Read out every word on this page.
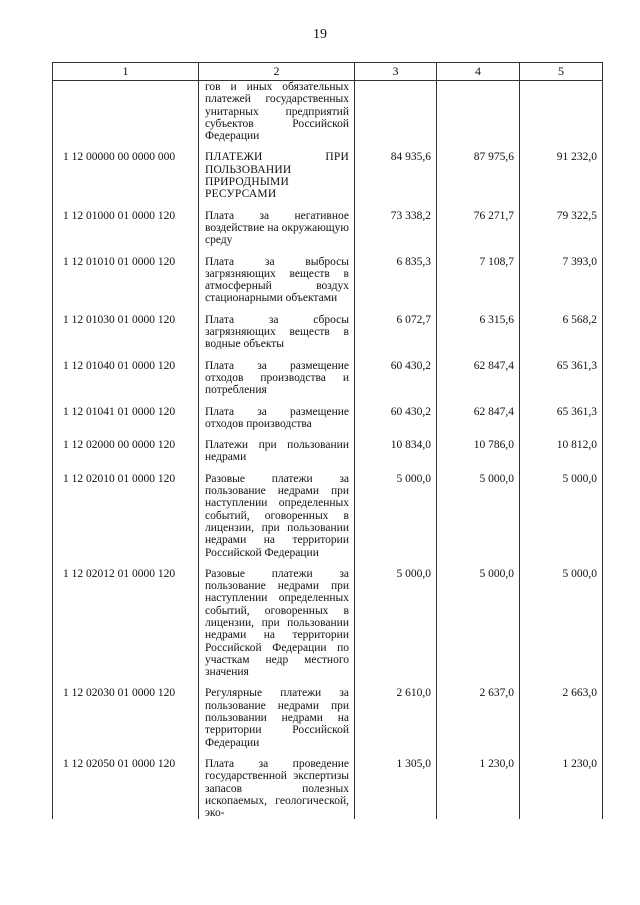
19
1	2	3	4	5
	гов и иных обязательных платежей государственных унитарных предприятий субъектов Российской Федерации			
1 12 00000 00 0000 000	ПЛАТЕЖИ ПРИ ПОЛЬЗОВАНИИ ПРИРОДНЫМИ РЕСУРСАМИ	84 935,6	87 975,6	91 232,0
1 12 01000 01 0000 120	Плата за негативное воздействие на окружающую среду	73 338,2	76 271,7	79 322,5
1 12 01010 01 0000 120	Плата за выбросы загрязняющих веществ в атмосферный воздух стационарными объектами	6 835,3	7 108,7	7 393,0
1 12 01030 01 0000 120	Плата за сбросы загрязняющих веществ в водные объекты	6 072,7	6 315,6	6 568,2
1 12 01040 01 0000 120	Плата за размещение отходов производства и потребления	60 430,2	62 847,4	65 361,3
1 12 01041 01 0000 120	Плата за размещение отходов производства	60 430,2	62 847,4	65 361,3
1 12 02000 00 0000 120	Платежи при пользовании недрами	10 834,0	10 786,0	10 812,0
1 12 02010 01 0000 120	Разовые платежи за пользование недрами при наступлении определенных событий, оговоренных в лицензии, при пользовании недрами на территории Российской Федерации	5 000,0	5 000,0	5 000,0
1 12 02012 01 0000 120	Разовые платежи за пользование недрами при наступлении определенных событий, оговоренных в лицензии, при пользовании недрами на территории Российской Федерации по участкам недр местного значения	5 000,0	5 000,0	5 000,0
1 12 02030 01 0000 120	Регулярные платежи за пользование недрами при пользовании недрами на территории Российской Федерации	2 610,0	2 637,0	2 663,0
1 12 02050 01 0000 120	Плата за проведение государственной экспертизы запасов полезных ископаемых, геологической, эко-	1 305,0	1 230,0	1 230,0
